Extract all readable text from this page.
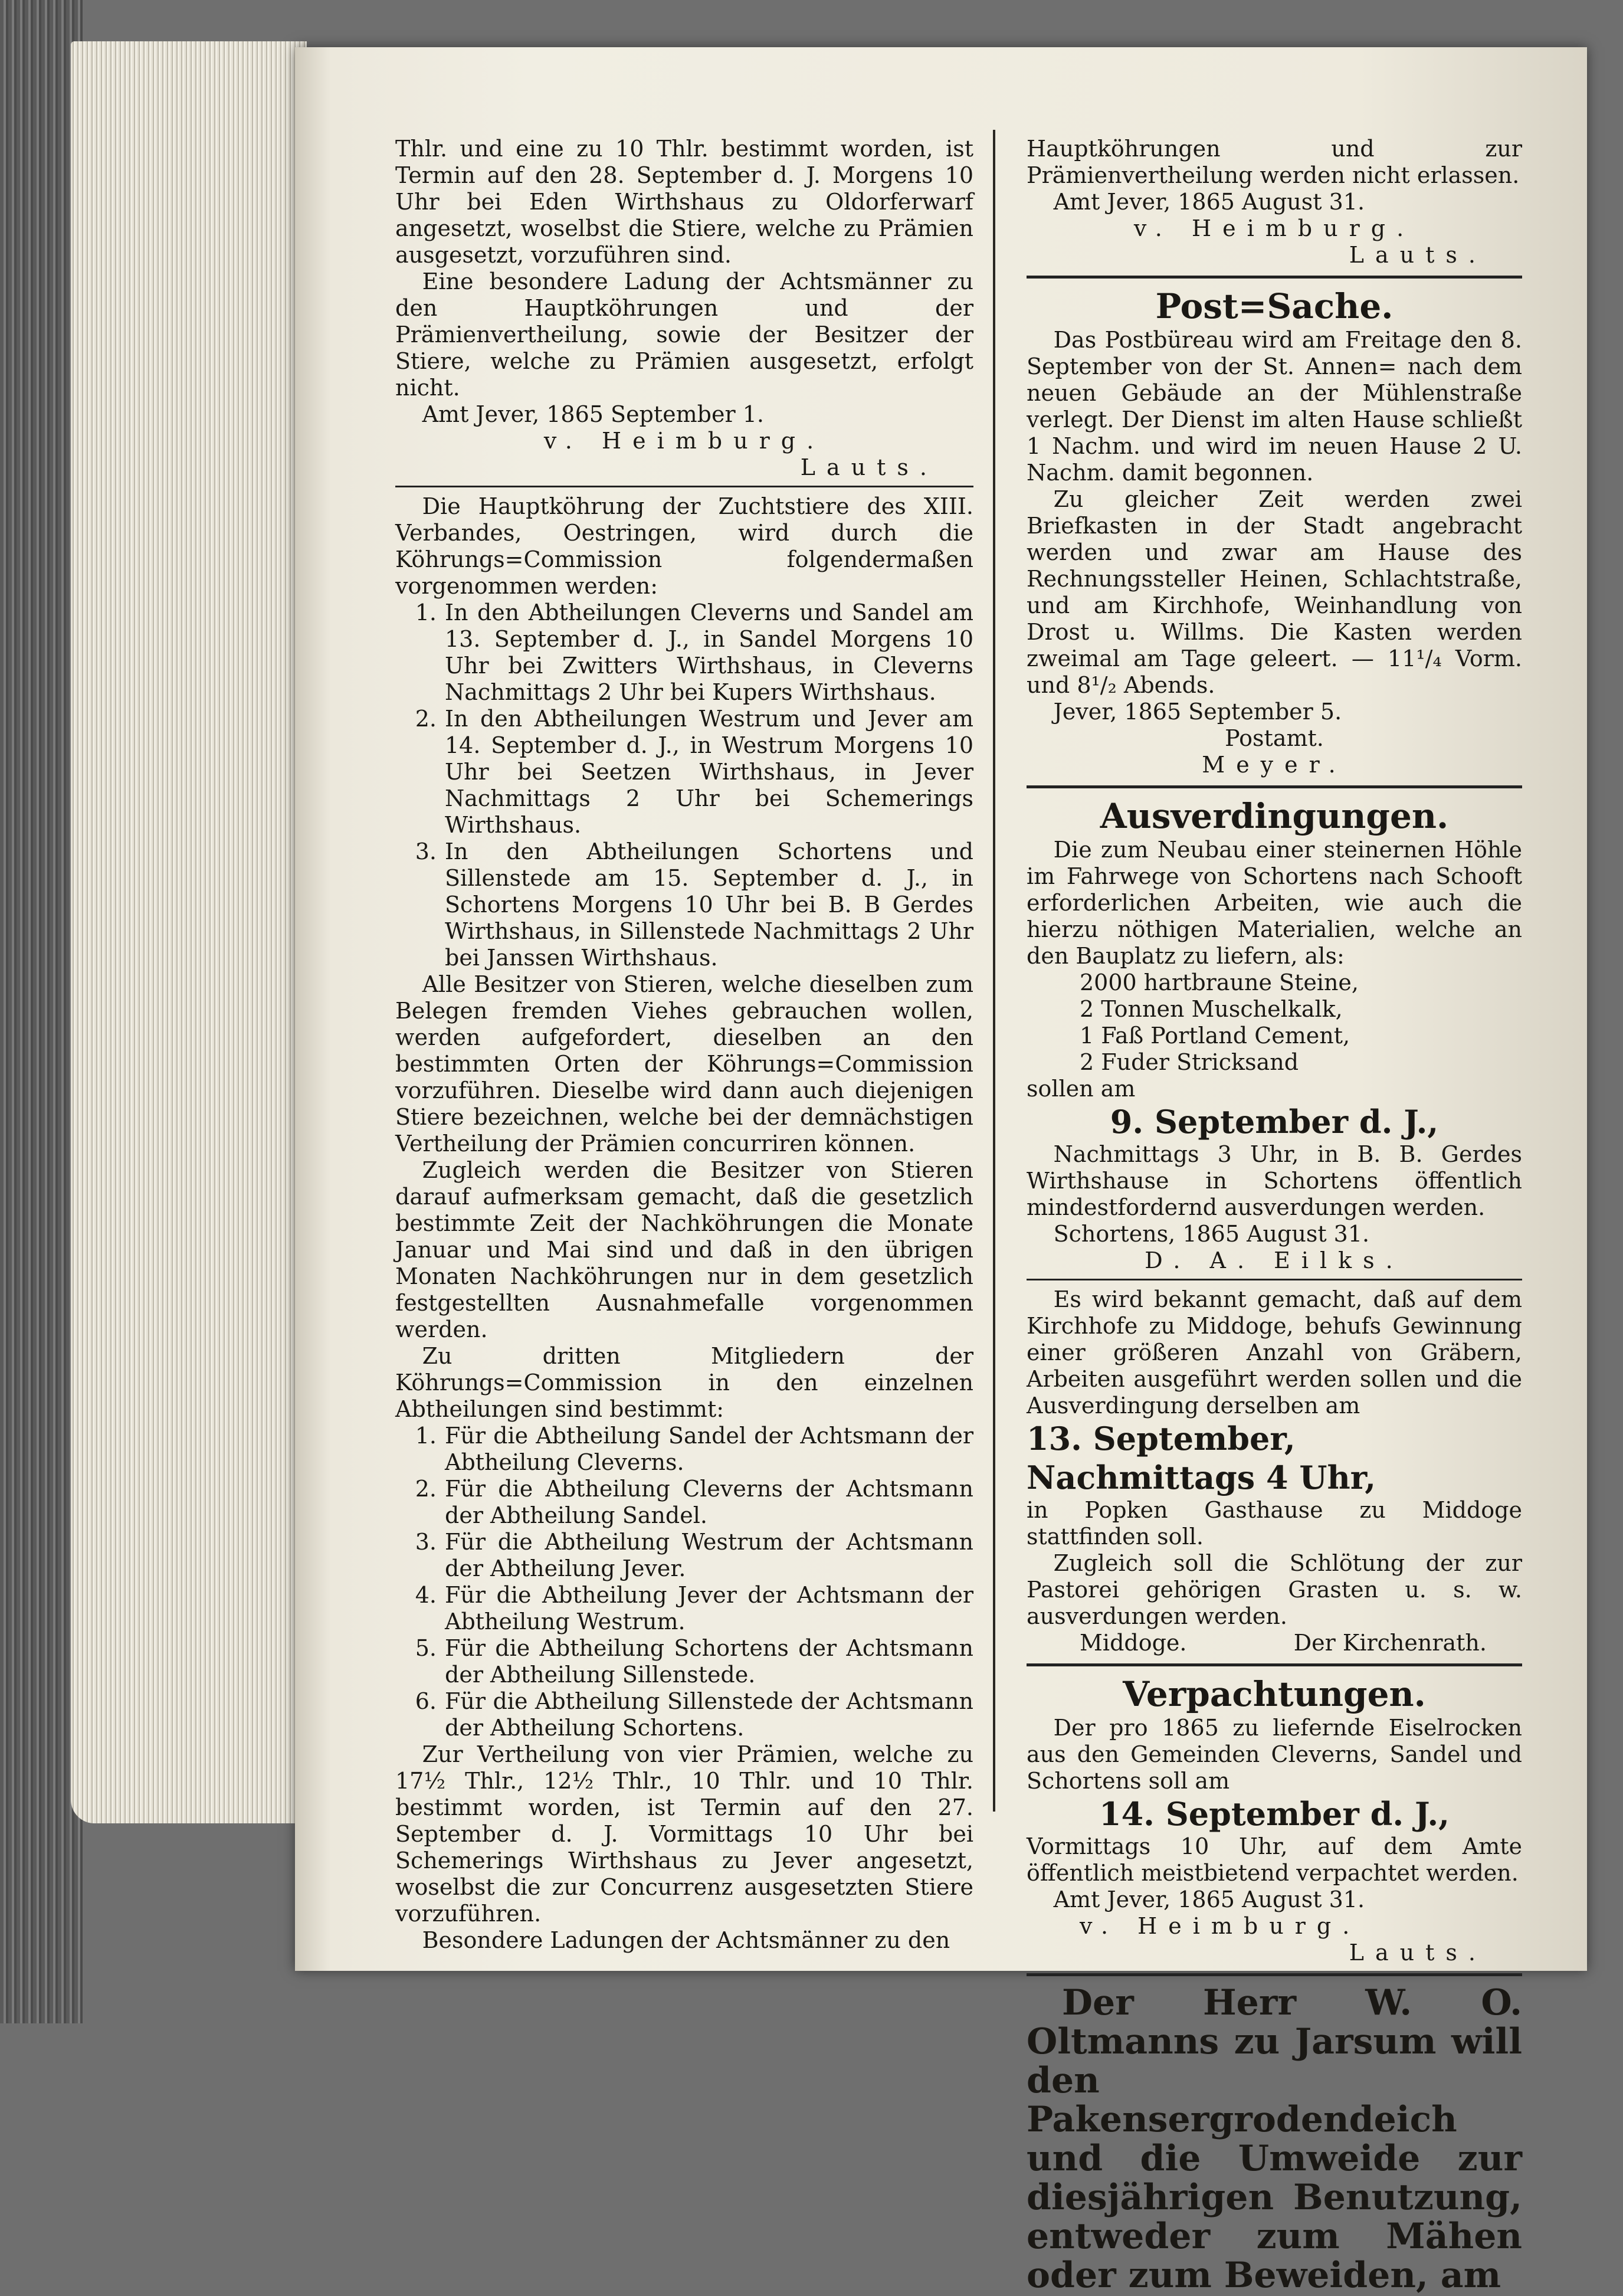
Thlr. und eine zu 10 Thlr. bestimmt worden, ist Termin auf den 28. September d. J. Morgens 10 Uhr bei Eden Wirthshaus zu Oldorferwarf angesetzt, woselbst die Stiere, welche zu Prämien ausgesetzt, vorzuführen sind.

Eine besondere Ladung der Achtsmänner zu den Hauptköhrungen und der Prämienvertheilung, sowie der Besitzer der Stiere, welche zu Prämien ausgesetzt, erfolgt nicht.

Amt Jever, 1865 September 1.

v. Heimburg.

Lauts.

Die Hauptköhrung der Zuchtstiere des XIII. Verbandes, Oestringen, wird durch die Köhrungs=Commission folgendermaßen vorgenommen werden:

1. In den Abtheilungen Cleverns und Sandel am 13. September d. J., in Sandel Morgens 10 Uhr bei Zwitters Wirthshaus, in Cleverns Nachmittags 2 Uhr bei Kupers Wirthshaus.
2. In den Abtheilungen Westrum und Jever am 14. September d. J., in Westrum Morgens 10 Uhr bei Seetzen Wirthshaus, in Jever Nachmittags 2 Uhr bei Schemerings Wirthshaus.
3. In den Abtheilungen Schortens und Sillenstede am 15. September d. J., in Schortens Morgens 10 Uhr bei B. B Gerdes Wirthshaus, in Sillenstede Nachmittags 2 Uhr bei Janssen Wirthshaus.

Alle Besitzer von Stieren, welche dieselben zum Belegen fremden Viehes gebrauchen wollen, werden aufgefordert, dieselben an den bestimmten Orten der Köhrungs=Commission vorzuführen. Dieselbe wird dann auch diejenigen Stiere bezeichnen, welche bei der demnächstigen Vertheilung der Prämien concurriren können.

Zugleich werden die Besitzer von Stieren darauf aufmerksam gemacht, daß die gesetzlich bestimmte Zeit der Nachköhrungen die Monate Januar und Mai sind und daß in den übrigen Monaten Nachköhrungen nur in dem gesetzlich festgestellten Ausnahmefalle vorgenommen werden.

Zu dritten Mitgliedern der Köhrungs=Commission in den einzelnen Abtheilungen sind bestimmt:

1. Für die Abtheilung Sandel der Achtsmann der Abtheilung Cleverns.
2. Für die Abtheilung Cleverns der Achtsmann der Abtheilung Sandel.
3. Für die Abtheilung Westrum der Achtsmann der Abtheilung Jever.
4. Für die Abtheilung Jever der Achtsmann der Abtheilung Westrum.
5. Für die Abtheilung Schortens der Achtsmann der Abtheilung Sillenstede.
6. Für die Abtheilung Sillenstede der Achtsmann der Abtheilung Schortens.

Zur Vertheilung von vier Prämien, welche zu 17½ Thlr., 12½ Thlr., 10 Thlr. und 10 Thlr. bestimmt worden, ist Termin auf den 27. September d. J. Vormittags 10 Uhr bei Schemerings Wirthshaus zu Jever angesetzt, woselbst die zur Concurrenz ausgesetzten Stiere vorzuführen.

Besondere Ladungen der Achtsmänner zu den

Hauptköhrungen und zur Prämienvertheilung werden nicht erlassen.

Amt Jever, 1865 August 31.

v. Heimburg.

Lauts.

Post=Sache.

Das Postbüreau wird am Freitage den 8. September von der St. Annen= nach dem neuen Gebäude an der Mühlenstraße verlegt. Der Dienst im alten Hause schließt 1 Nachm. und wird im neuen Hause 2 U. Nachm. damit begonnen.

Zu gleicher Zeit werden zwei Briefkasten in der Stadt angebracht werden und zwar am Hause des Rechnungssteller Heinen, Schlachtstraße, und am Kirchhofe, Weinhandlung von Drost u. Willms. Die Kasten werden zweimal am Tage geleert. — 11¹/₄ Vorm. und 8¹/₂ Abends.

Jever, 1865 September 5.

Postamt.

Meyer.

Ausverdingungen.

Die zum Neubau einer steinernen Höhle im Fahrwege von Schortens nach Schooft erforderlichen Arbeiten, wie auch die hierzu nöthigen Materialien, welche an den Bauplatz zu liefern, als:

2000 hartbraune Steine,

2 Tonnen Muschelkalk,

1 Faß Portland Cement,

2 Fuder Stricksand

sollen am

9. September d. J.,

Nachmittags 3 Uhr, in B. B. Gerdes Wirthshause in Schortens öffentlich mindestfordernd ausverdungen werden.

Schortens, 1865 August 31.

D. A. Eilks.

Es wird bekannt gemacht, daß auf dem Kirchhofe zu Middoge, behufs Gewinnung einer größeren Anzahl von Gräbern, Arbeiten ausgeführt werden sollen und die Ausverdingung derselben am

13. September, Nachmittags 4 Uhr,

in Popken Gasthause zu Middoge stattfinden soll.

Zugleich soll die Schlötung der zur Pastorei gehörigen Grasten u. s. w. ausverdungen werden.

Middoge.	Der Kirchenrath.

Verpachtungen.

Der pro 1865 zu liefernde Eiselrocken aus den Gemeinden Cleverns, Sandel und Schortens soll am

14. September d. J.,

Vormittags 10 Uhr, auf dem Amte öffentlich meistbietend verpachtet werden.

Amt Jever, 1865 August 31.

v. Heimburg.

Lauts.

Der Herr W. O. Oltmanns zu Jarsum will den Pakensergrodendeich und die Umweide zur diesjährigen Benutzung, entweder zum Mähen oder zum Beweiden, am
